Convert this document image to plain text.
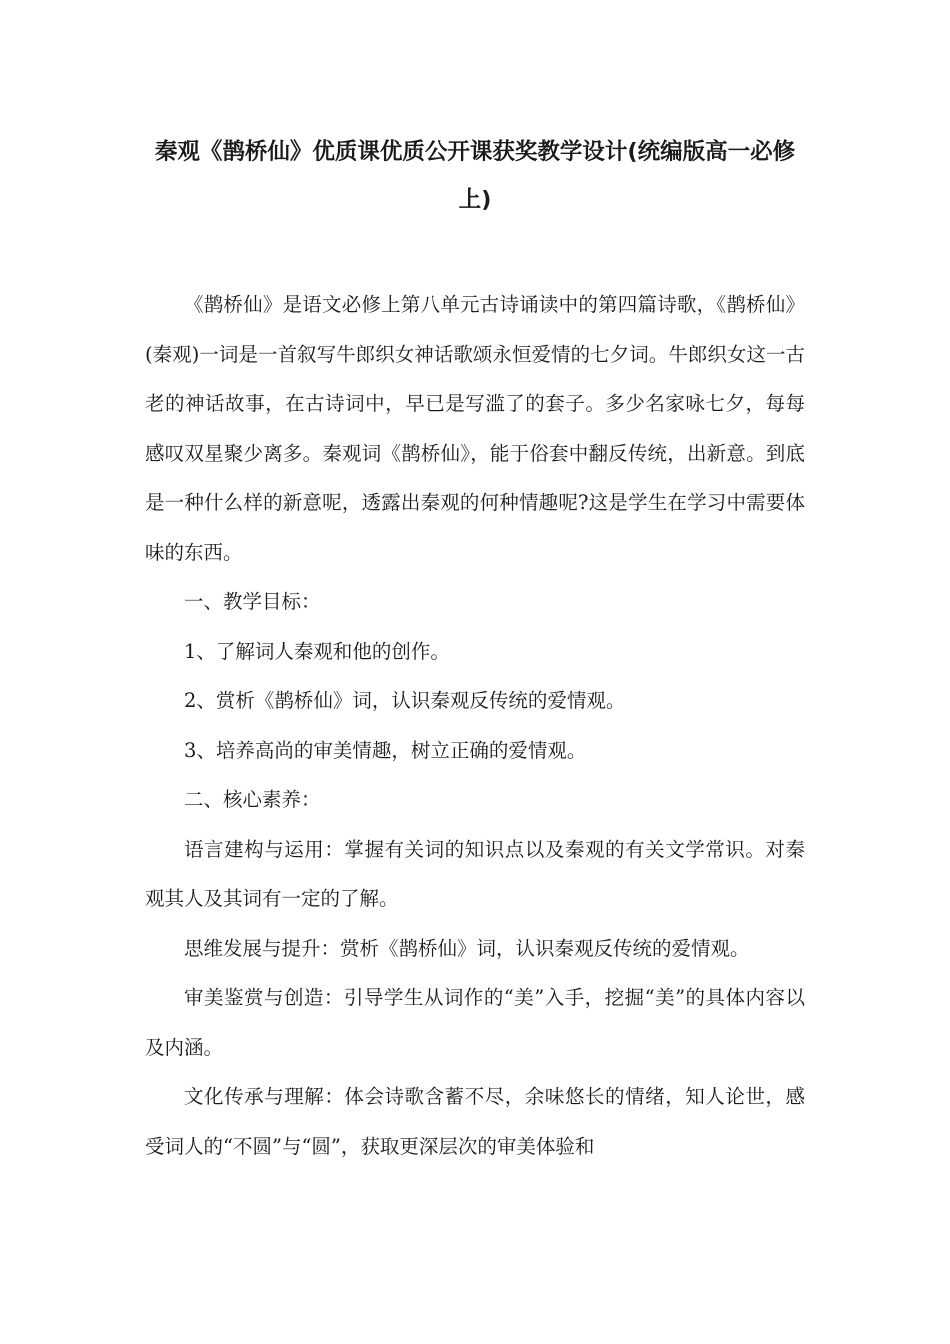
秦观《鹊桥仙》优质课优质公开课获奖教学设计(统编版高一必修上)

《鹊桥仙》是语文必修上第八单元古诗诵读中的第四篇诗歌，《鹊桥仙》(秦观)一词是一首叙写牛郎织女神话歌颂永恒爱情的七夕词。牛郎织女这一古老的神话故事，在古诗词中，早已是写滥了的套子。多少名家咏七夕，每每感叹双星聚少离多。秦观词《鹊桥仙》，能于俗套中翻反传统，出新意。到底是一种什么样的新意呢，透露出秦观的何种情趣呢?这是学生在学习中需要体味的东西。

一、教学目标：

1、了解词人秦观和他的创作。

2、赏析《鹊桥仙》词，认识秦观反传统的爱情观。

3、培养高尚的审美情趣，树立正确的爱情观。

二、核心素养：

语言建构与运用：掌握有关词的知识点以及秦观的有关文学常识。对秦观其人及其词有一定的了解。

思维发展与提升：赏析《鹊桥仙》词，认识秦观反传统的爱情观。

审美鉴赏与创造：引导学生从词作的“美”入手，挖掘“美”的具体内容以及内涵。

文化传承与理解：体会诗歌含蓄不尽，余味悠长的情绪，知人论世，感受词人的“不圆”与“圆”，获取更深层次的审美体验和
